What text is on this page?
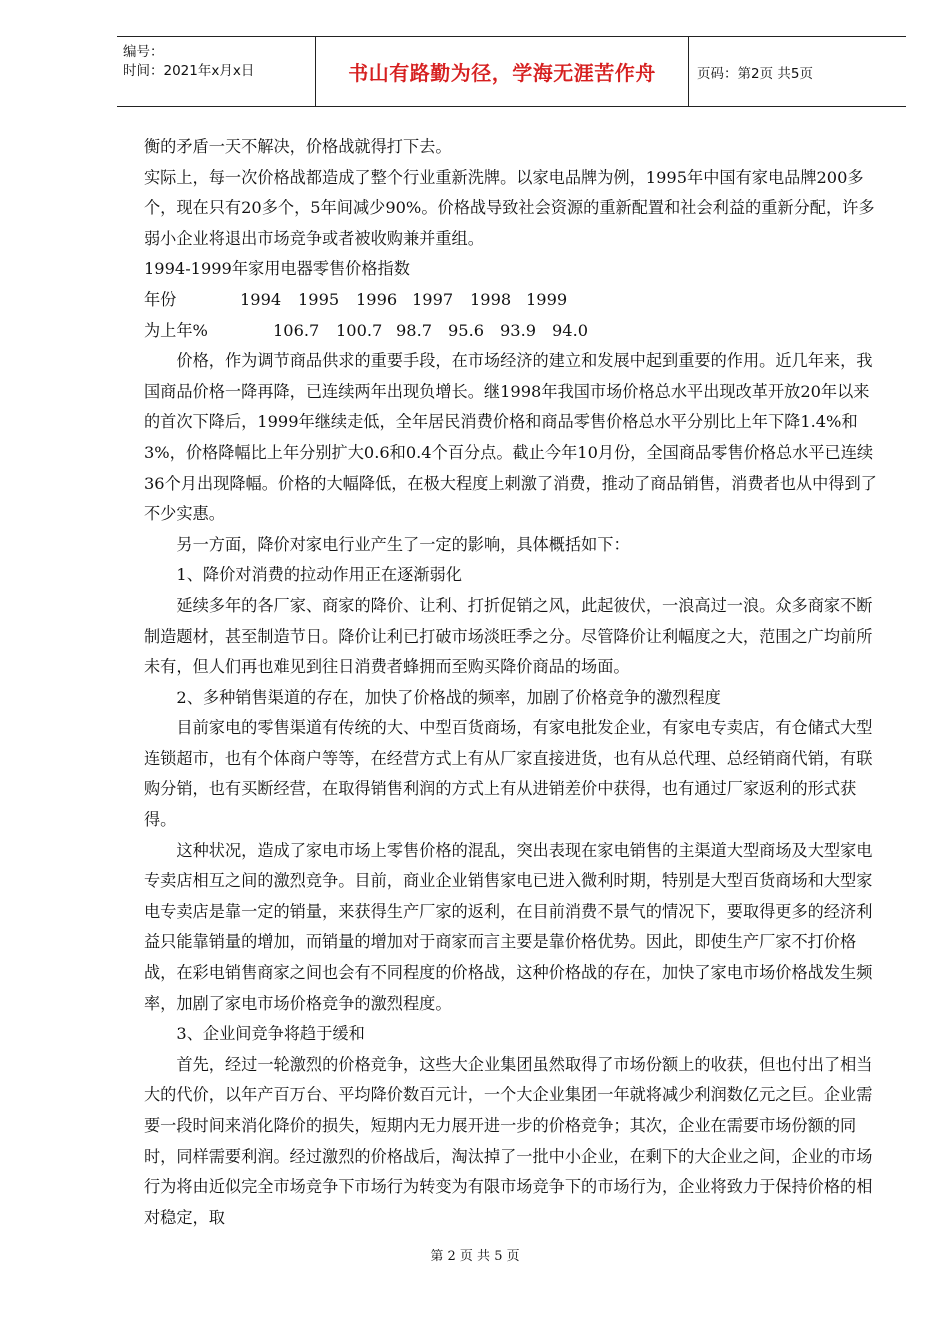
编号：
时间：2021年x月x日	书山有路勤为径，学海无涯苦作舟	页码：第2页 共5页

衡的矛盾一天不解决，价格战就得打下去。

实际上，每一次价格战都造成了整个行业重新洗牌。以家电品牌为例，1995年中国有家电品牌200多个，现在只有20多个，5年间减少90%。价格战导致社会资源的重新配置和社会利益的重新分配，许多弱小企业将退出市场竞争或者被收购兼并重组。

1994-1999年家用电器零售价格指数

年份	1994	1995	1996 1997	1998 1999
为上年%	106.7	100.7 98.7 95.6 93.9 94.0

价格，作为调节商品供求的重要手段，在市场经济的建立和发展中起到重要的作用。近几年来，我国商品价格一降再降，已连续两年出现负增长。继1998年我国市场价格总水平出现改革开放20年以来的首次下降后，1999年继续走低，全年居民消费价格和商品零售价格总水平分别比上年下降1.4%和3%，价格降幅比上年分别扩大0.6和0.4个百分点。截止今年10月份，全国商品零售价格总水平已连续36个月出现降幅。价格的大幅降低，在极大程度上刺激了消费，推动了商品销售，消费者也从中得到了不少实惠。

另一方面，降价对家电行业产生了一定的影响，具体概括如下：

1、降价对消费的拉动作用正在逐渐弱化

延续多年的各厂家、商家的降价、让利、打折促销之风，此起彼伏，一浪高过一浪。众多商家不断制造题材，甚至制造节日。降价让利已打破市场淡旺季之分。尽管降价让利幅度之大，范围之广均前所未有，但人们再也难见到往日消费者蜂拥而至购买降价商品的场面。

2、多种销售渠道的存在，加快了价格战的频率，加剧了价格竞争的激烈程度

目前家电的零售渠道有传统的大、中型百货商场，有家电批发企业，有家电专卖店，有仓储式大型连锁超市，也有个体商户等等，在经营方式上有从厂家直接进货，也有从总代理、总经销商代销，有联购分销，也有买断经营，在取得销售利润的方式上有从进销差价中获得，也有通过厂家返利的形式获得。

这种状况，造成了家电市场上零售价格的混乱，突出表现在家电销售的主渠道大型商场及大型家电专卖店相互之间的激烈竞争。目前，商业企业销售家电已进入微利时期，特别是大型百货商场和大型家电专卖店是靠一定的销量，来获得生产厂家的返利，在目前消费不景气的情况下，要取得更多的经济利益只能靠销量的增加，而销量的增加对于商家而言主要是靠价格优势。因此，即使生产厂家不打价格战，在彩电销售商家之间也会有不同程度的价格战，这种价格战的存在，加快了家电市场价格战发生频率，加剧了家电市场价格竞争的激烈程度。

3、企业间竞争将趋于缓和

首先，经过一轮激烈的价格竞争，这些大企业集团虽然取得了市场份额上的收获，但也付出了相当大的代价，以年产百万台、平均降价数百元计，一个大企业集团一年就将减少利润数亿元之巨。企业需要一段时间来消化降价的损失，短期内无力展开进一步的价格竞争；其次，企业在需要市场份额的同时，同样需要利润。经过激烈的价格战后，淘汰掉了一批中小企业，在剩下的大企业之间，企业的市场行为将由近似完全市场竞争下市场行为转变为有限市场竞争下的市场行为，企业将致力于保持价格的相对稳定，取

第 2 页 共 5 页
